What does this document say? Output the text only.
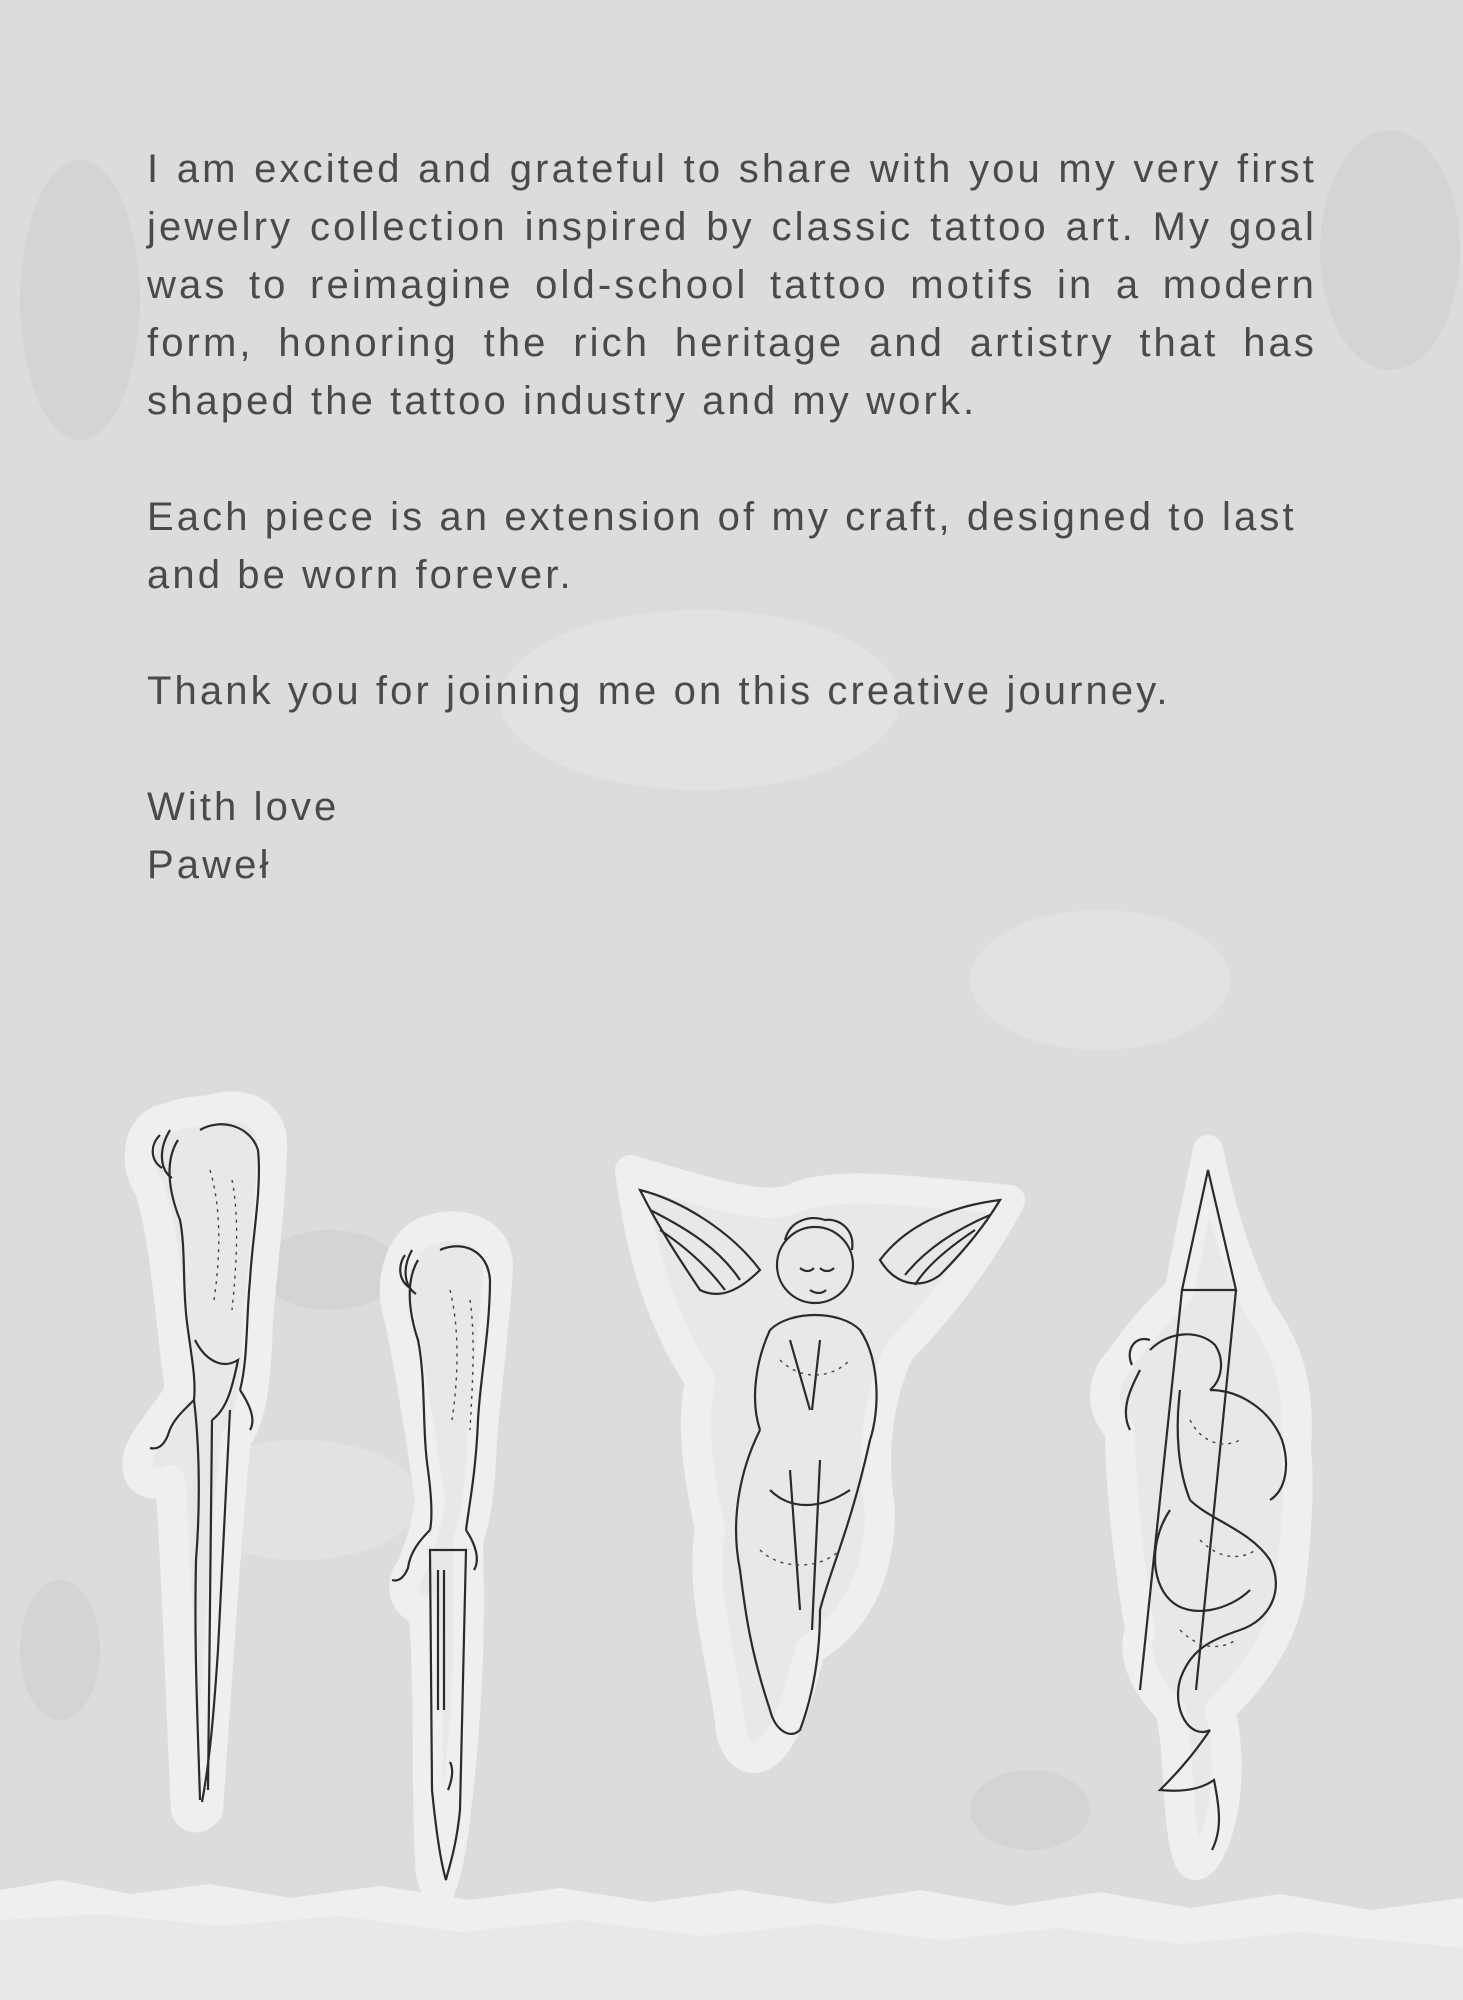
I am excited and grateful to share with you my very first jewelry collection inspired by classic tattoo art. My goal was to reimagine old-school tattoo motifs in a modern form, honoring the rich heritage and artistry that has shaped the tattoo industry and my work.

Each piece is an extension of my craft, designed to last
and be worn forever.

Thank you for joining me on this creative journey.

With love
Paweł
